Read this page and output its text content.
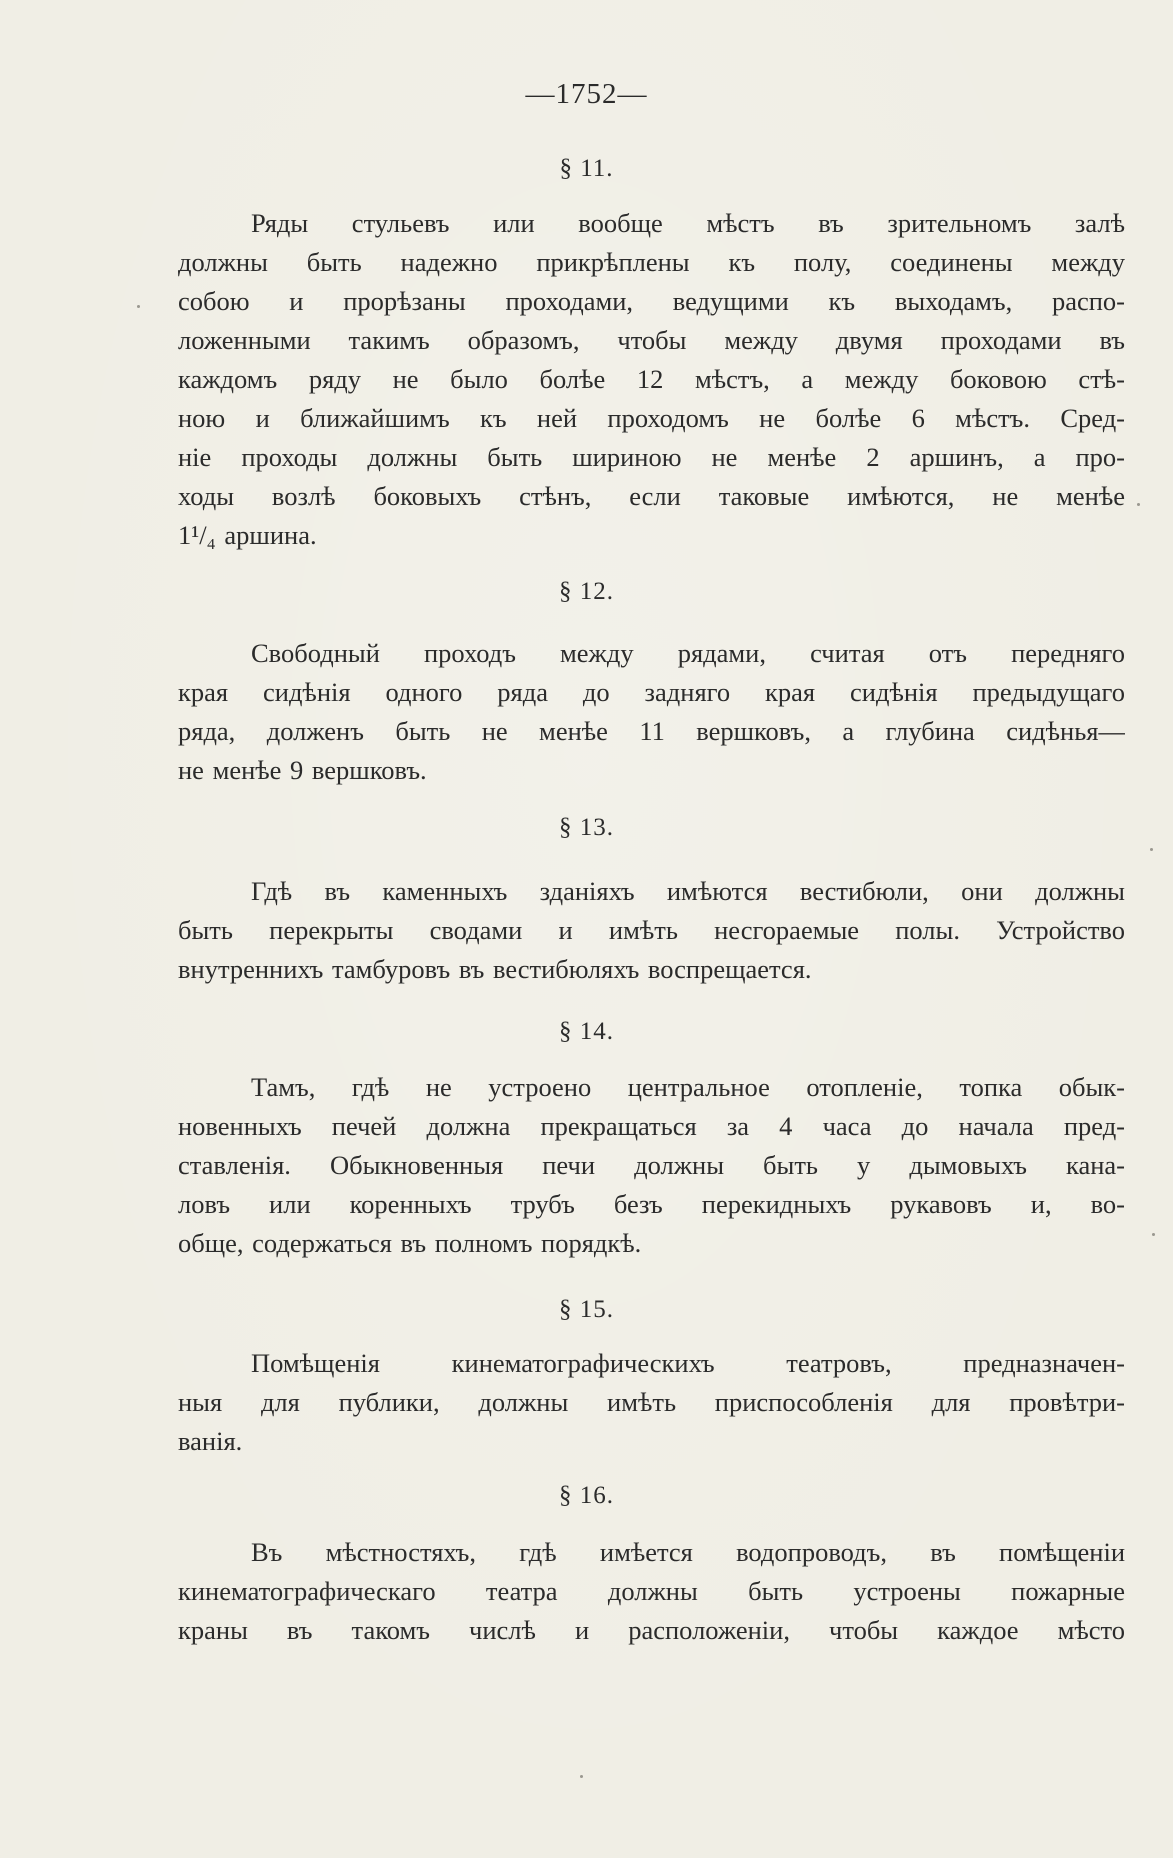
—1752—
§ 11.
Ряды стульевъ или вообще мѣстъ въ зрительномъ залѣ
должны быть надежно прикрѣплены къ полу, соединены между
собою и прорѣзаны проходами, ведущими къ выходамъ, распо-
ложенными такимъ образомъ, чтобы между двумя проходами въ
каждомъ ряду не было болѣе 12 мѣстъ, а между боковою стѣ-
ною и ближайшимъ къ ней проходомъ не болѣе 6 мѣстъ. Сред-
нiе проходы должны быть шириною не менѣе 2 аршинъ, а про-
ходы возлѣ боковыхъ стѣнъ, если таковые имѣются, не менѣе
1¹/₄ аршина.
§ 12.
Свободный проходъ между рядами, считая отъ передняго
края сидѣнiя одного ряда до задняго края сидѣнiя предыдущаго
ряда, долженъ быть не менѣе 11 вершковъ, а глубина сидѣнья—
не менѣе 9 вершковъ.
§ 13.
Гдѣ въ каменныхъ зданiяхъ имѣются вестибюли, они должны
быть перекрыты сводами и имѣть несгораемые полы. Устройство
внутреннихъ тамбуровъ въ вестибюляхъ воспрещается.
§ 14.
Тамъ, гдѣ не устроено центральное отопленiе, топка обык-
новенныхъ печей должна прекращаться за 4 часа до начала пред-
ставленiя. Обыкновенныя печи должны быть у дымовыхъ кана-
ловъ или коренныхъ трубъ безъ перекидныхъ рукавовъ и, во-
обще, содержаться въ полномъ порядкѣ.
§ 15.
Помѣщенiя кинематографическихъ театровъ, предназначен-
ныя для публики, должны имѣть приспособленiя для провѣтри-
ванiя.
§ 16.
Въ мѣстностяхъ, гдѣ имѣется водопроводъ, въ помѣщенiи
кинематографическаго театра должны быть устроены пожарные
краны въ такомъ числѣ и расположенiи, чтобы каждое мѣсто
